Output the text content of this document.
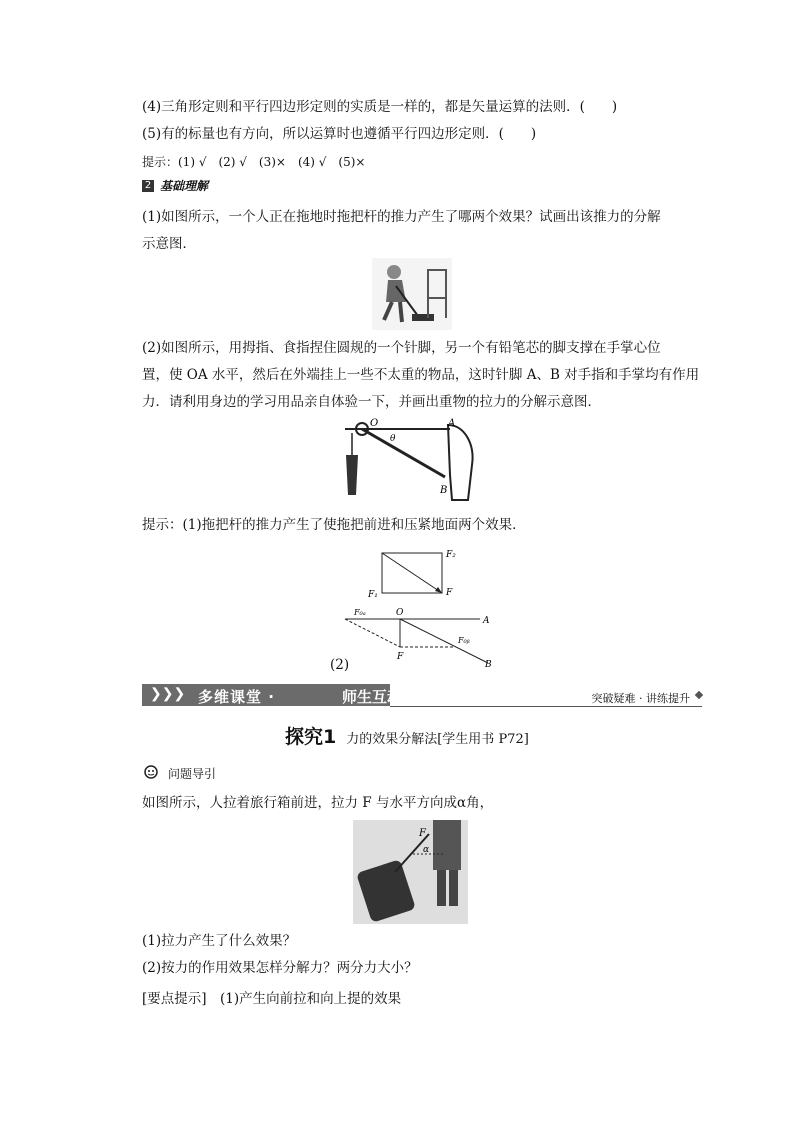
(4)三角形定则和平行四边形定则的实质是一样的，都是矢量运算的法则．(　　)
(5)有的标量也有方向，所以运算时也遵循平行四边形定则．(　　)
提示：(1) √　(2) √　(3)×　(4) √　(5)×
2 基础理解
(1)如图所示，一个人正在拖地时拖把杆的推力产生了哪两个效果？试画出该推力的分解
示意图．
(2)如图所示，用拇指、食指捏住圆规的一个针脚，另一个有铅笔芯的脚支撑在手掌心位
置，使 OA 水平，然后在外端挂上一些不太重的物品，这时针脚 A、B 对手指和手掌均有作用
力．请利用身边的学习用品亲自体验一下，并画出重物的拉力的分解示意图．
O	A
B
θ
提示：(1)拖把杆的推力产生了使拖把前进和压紧地面两个效果．
F₂
F₁	F
F₀ₐ	O
A
F₀ᵦ
F
B
(2)
❯❯❯ 多维课堂 ·	师生互动	突破疑难 · 讲练提升
探究1 力的效果分解法[学生用书 P72]
问题导引
如图所示，人拉着旅行箱前进，拉力 F 与水平方向成α角，
F
α
(1)拉力产生了什么效果？
(2)按力的作用效果怎样分解力？两分力大小？
[要点提示]　(1)产生向前拉和向上提的效果
